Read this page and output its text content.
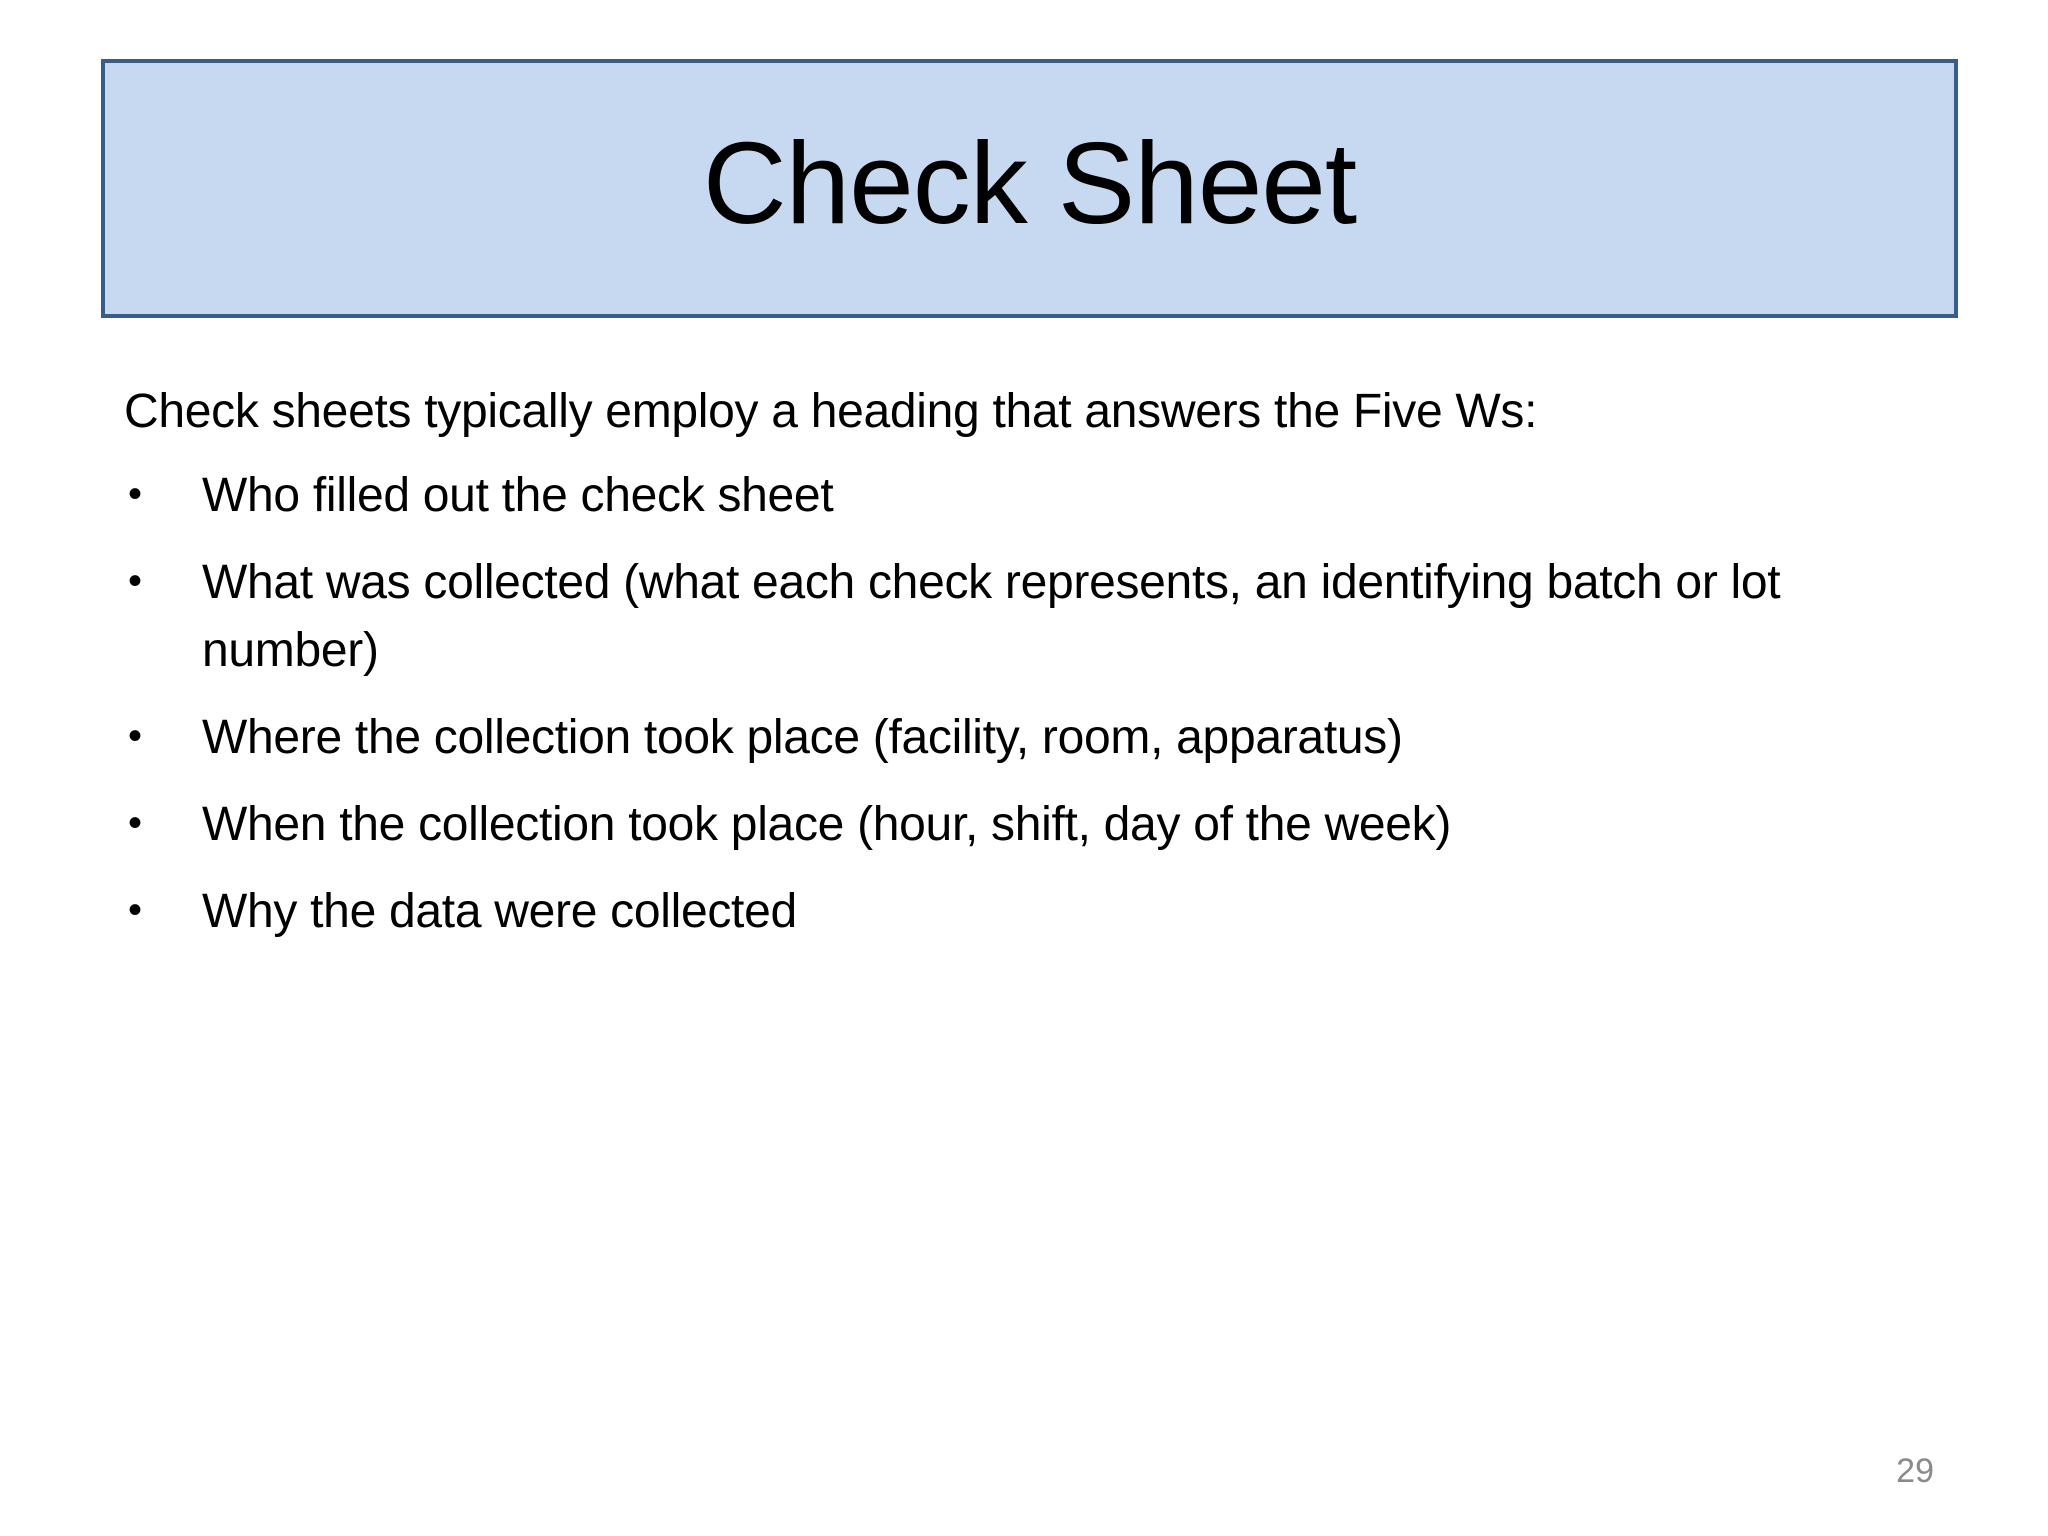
Check Sheet

Check sheets typically employ a heading that answers the Five Ws:

•	Who filled out the check sheet
•	What was collected (what each check represents, an identifying batch or lot number)
•	Where the collection took place (facility, room, apparatus)
•	When the collection took place (hour, shift, day of the week)
•	Why the data were collected
29
